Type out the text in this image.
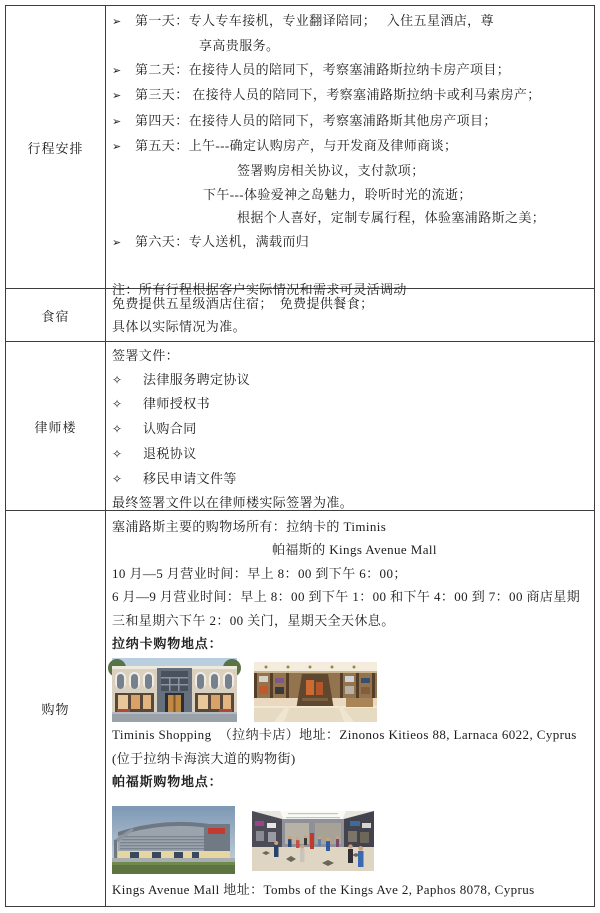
行程安排
➢ 第一天：专人专车接机，专业翻译陪同；　 入住五星酒店，尊
享高贵服务。
➢ 第二天：在接待人员的陪同下，考察塞浦路斯拉纳卡房产项目；
➢ 第三天： 在接待人员的陪同下，考察塞浦路斯拉纳卡或利马索房产；
➢ 第四天：在接待人员的陪同下，考察塞浦路斯其他房产项目；
➢ 第五天：上午---确定认购房产，与开发商及律师商谈；
签署购房相关协议，支付款项；
下午---体验爱神之岛魅力，聆听时光的流逝；
根据个人喜好，定制专属行程，体验塞浦路斯之美；
➢ 第六天：专人送机，满载而归
注：所有行程根据客户实际情况和需求可灵活调动
食宿
免费提供五星级酒店住宿；　免费提供餐食；
具体以实际情况为准。
律师楼
签署文件：
✧ 法律服务聘定协议
✧ 律师授权书
✧ 认购合同
✧ 退税协议
✧ 移民申请文件等
最终签署文件以在律师楼实际签署为准。
购物
塞浦路斯主要的购物场所有：拉纳卡的 Timinis
帕福斯的 Kings Avenue Mall
10 月—5 月营业时间：早上 8：00 到下午 6：00；
6 月—9 月营业时间：早上 8：00 到下午 1：00 和下午 4：00 到 7：00 商店星期
三和星期六下午 2：00 关门，星期天全天休息。
拉纳卡购物地点：
Timinis Shopping  （拉纳卡店）地址：Zinonos Kitieos 88, Larnaca 6022, Cyprus
(位于拉纳卡海滨大道的购物街)
帕福斯购物地点：
Kings Avenue Mall 地址：Tombs of the Kings Ave 2, Paphos 8078, Cyprus
